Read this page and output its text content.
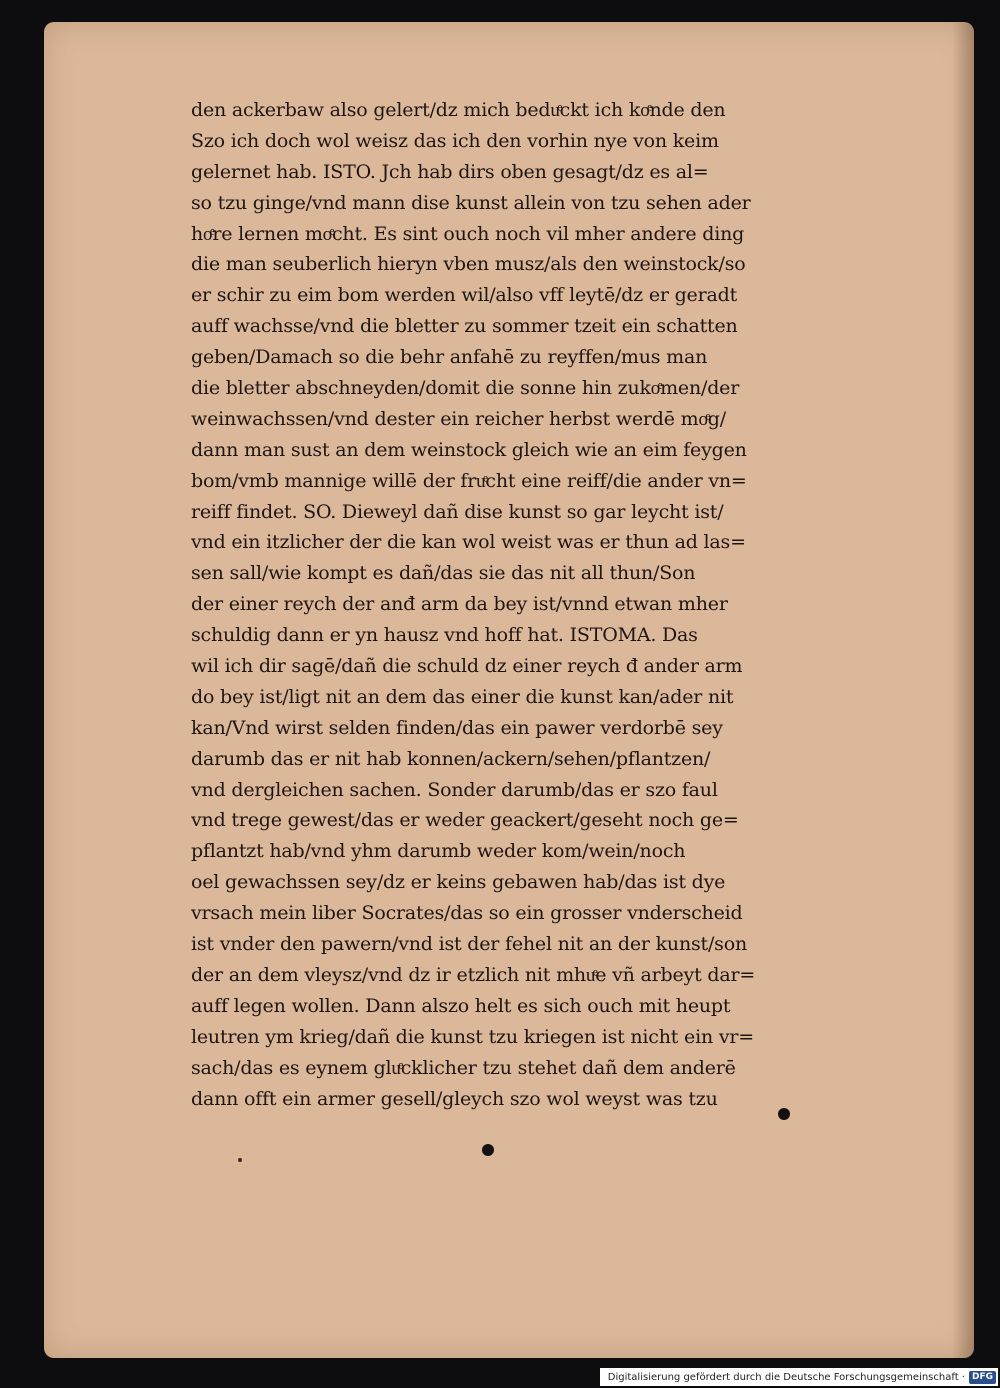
den ackerbaw also gelert/dz mich beduͤckt ich koͤnde den
Szo ich doch wol weisz das ich den vorhin nye von keim
gelernet hab. ISTO. Jch hab dirs oben gesagt/dz es al=
so tzu ginge/vnd mann dise kunst allein von tzu sehen ader
hoͤre lernen moͤcht. Es sint ouch noch vil mher andere ding
die man seuberlich hieryn vben musz/als den weinstock/so
er schir zu eim bom werden wil/also vff leytē/dz er geradt
auff wachsse/vnd die bletter zu sommer tzeit ein schatten
geben/Damach so die behr anfahē zu reyffen/mus man
die bletter abschneyden/domit die sonne hin zukoͤmen/der
weinwachssen/vnd dester ein reicher herbst werdē moͤg/
dann man sust an dem weinstock gleich wie an eim feygen
bom/vmb mannige willē der fruͤcht eine reiff/die ander vn=
reiff findet. SO. Dieweyl dañ dise kunst so gar leycht ist/
vnd ein itzlicher der die kan wol weist was er thun ad las=
sen sall/wie kompt es dañ/das sie das nit all thun/Son
der einer reych der anđ arm da bey ist/vnnd etwan mher
schuldig dann er yn hausz vnd hoff hat. ISTOMA. Das
wil ich dir sagē/dañ die schuld dz einer reych đ ander arm
do bey ist/ligt nit an dem das einer die kunst kan/ader nit
kan/Vnd wirst selden finden/das ein pawer verdorbē sey
darumb das er nit hab konnen/ackern/sehen/pflantzen/
vnd dergleichen sachen. Sonder darumb/das er szo faul
vnd trege gewest/das er weder geackert/geseht noch ge=
pflantzt hab/vnd yhm darumb weder kom/wein/noch
oel gewachssen sey/dz er keins gebawen hab/das ist dye
vrsach mein liber Socrates/das so ein grosser vnderscheid
ist vnder den pawern/vnd ist der fehel nit an der kunst/son
der an dem vleysz/vnd dz ir etzlich nit mhuͤe vñ arbeyt dar=
auff legen wollen. Dann alszo helt es sich ouch mit heupt
leutren ym krieg/dañ die kunst tzu kriegen ist nicht ein vr=
sach/das es eynem gluͤcklicher tzu stehet dañ dem anderē
dann offt ein armer gesell/gleych szo wol weyst was tzu
Digitalisierung gefördert durch die Deutsche Forschungsgemeinschaft · DFG
